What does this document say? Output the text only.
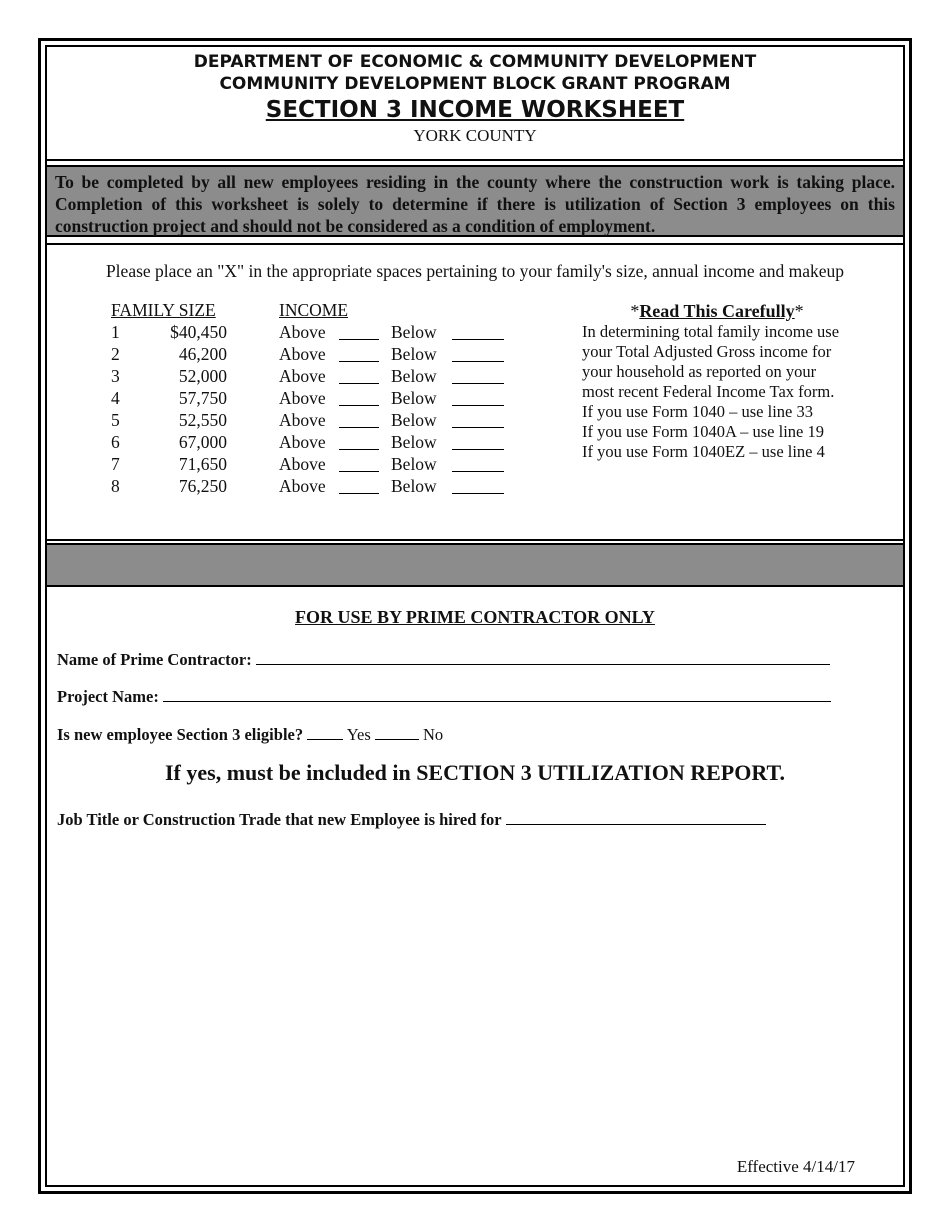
DEPARTMENT OF ECONOMIC & COMMUNITY DEVELOPMENT
COMMUNITY DEVELOPMENT BLOCK GRANT PROGRAM
SECTION 3 INCOME WORKSHEET
YORK COUNTY
To be completed by all new employees residing in the county where the construction work is taking place. Completion of this worksheet is solely to determine if there is utilization of Section 3 employees on this construction project and should not be considered as a condition of employment.
Please place an "X" in the appropriate spaces pertaining to your family's size, annual income and makeup
FAMILY SIZE	INCOME
1	$40,450	Above	Below
2	46,200	Above	Below
3	52,000	Above	Below
4	57,750	Above	Below
5	52,550	Above	Below
6	67,000	Above	Below
7	71,650	Above	Below
8	76,250	Above	Below
*Read This Carefully*
In determining total family income use your Total Adjusted Gross income for your household as reported on your most recent Federal Income Tax form.
If you use Form 1040 – use line 33
If you use Form 1040A – use line 19
If you use Form 1040EZ – use line 4
FOR USE BY PRIME CONTRACTOR ONLY
Name of Prime Contractor:
Project Name:
Is new employee Section 3 eligible?	Yes	No
If yes, must be included in SECTION 3 UTILIZATION REPORT.
Job Title or Construction Trade that new Employee is hired for
Effective 4/14/17
